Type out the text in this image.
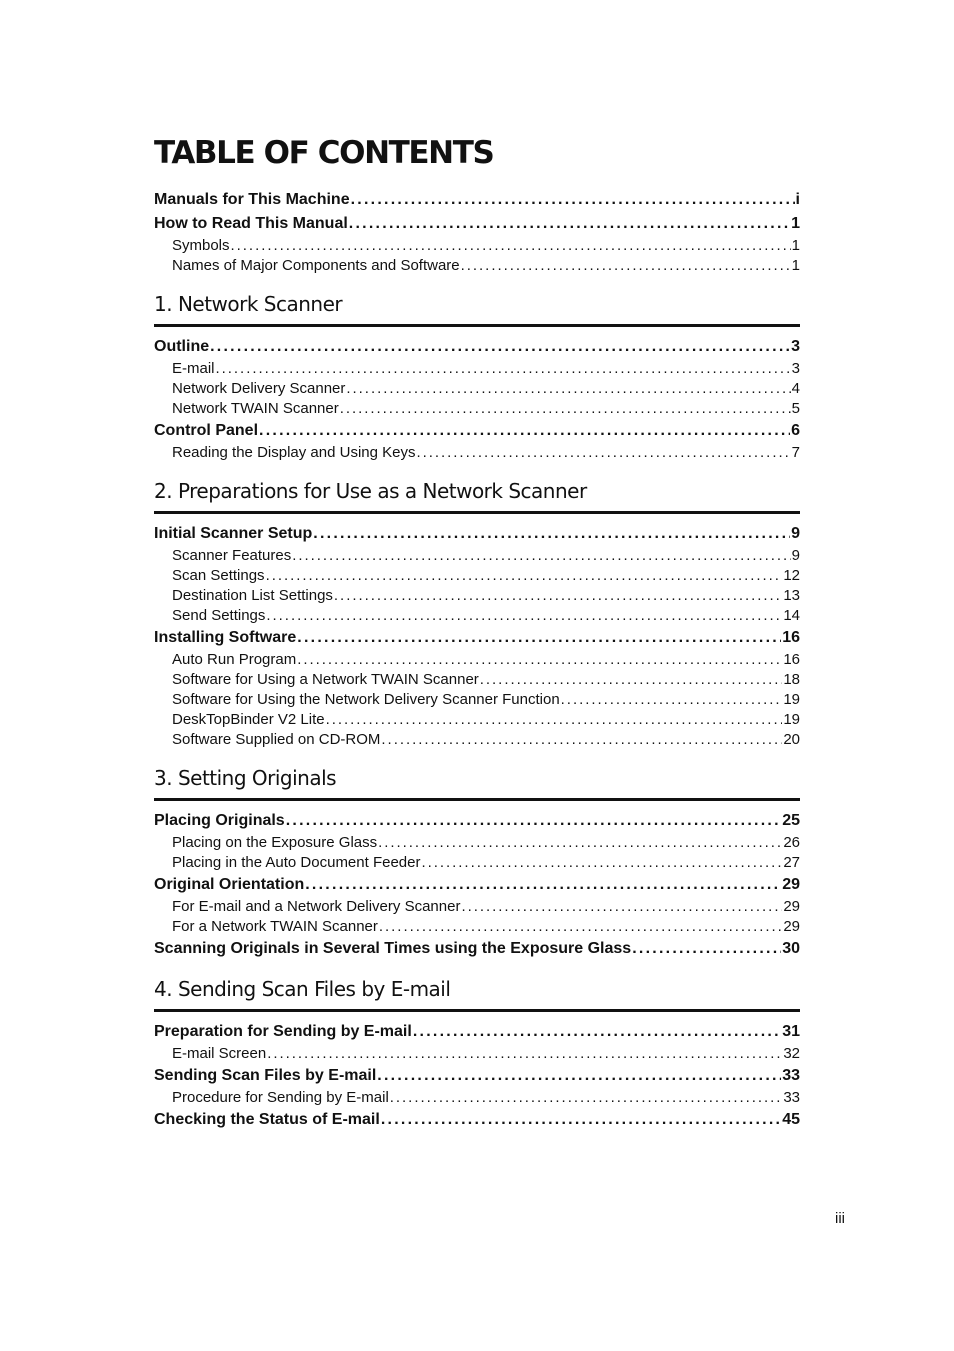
TABLE OF CONTENTS
Manuals for This Machine . . .	i
How to Read This Manual . . .	1
Symbols . . .	1
Names of Major Components and Software . . .	1
1. Network Scanner
Outline . . .	3
E-mail . . .	3
Network Delivery Scanner . . .	4
Network TWAIN Scanner . . .	5
Control Panel . . .	6
Reading the Display and Using Keys . . .	7
2. Preparations for Use as a Network Scanner
Initial Scanner Setup . . .	9
Scanner Features . . .	9
Scan Settings . . .	12
Destination List Settings . . .	13
Send Settings . . .	14
Installing Software . . .	16
Auto Run Program . . .	16
Software for Using a Network TWAIN Scanner . . .	18
Software for Using the Network Delivery Scanner Function . . .	19
DeskTopBinder V2 Lite . . .	19
Software Supplied on CD-ROM . . .	20
3. Setting Originals
Placing Originals . . .	25
Placing on the Exposure Glass . . .	26
Placing in the Auto Document Feeder . . .	27
Original Orientation . . .	29
For E-mail and a Network Delivery Scanner . . .	29
For a Network TWAIN Scanner . . .	29
Scanning Originals in Several Times using the Exposure Glass . . .	30
4. Sending Scan Files by E-mail
Preparation for Sending by E-mail . . .	31
E-mail Screen . . .	32
Sending Scan Files by E-mail . . .	33
Procedure for Sending by E-mail . . .	33
Checking the Status of E-mail . . .	45
iii
